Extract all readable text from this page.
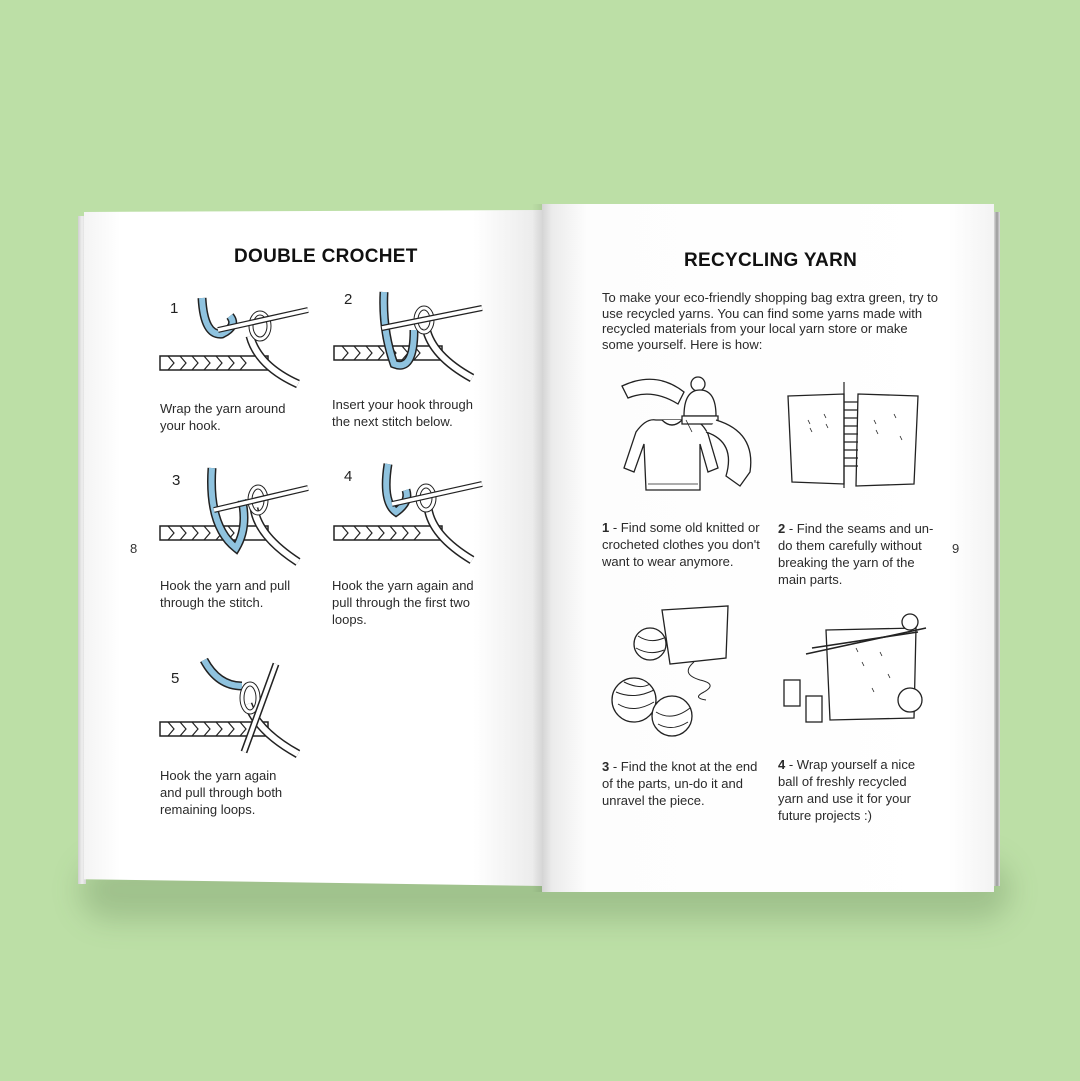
DOUBLE CROCHET	RECYCLING YARN
8	9
1
2
3	4
5
Wrap the yarn around your hook.
Insert your hook through the next stitch below.
Hook the yarn and pull through the stitch.
Hook the yarn again and pull through the first two loops.
Hook the yarn again and pull through both remaining loops.
To make your eco-friendly shopping bag extra green, try to use recycled yarns. You can find some yarns made with recycled materials from your local yarn store or make some yourself. Here is how:
1 - Find some old knitted or crocheted clothes you don't want to wear anymore.
2 - Find the seams and un-do them carefully without breaking the yarn of the main parts.
3 - Find the knot at the end of the parts, un-do it and unravel the piece.
4 - Wrap yourself a nice ball of freshly recycled yarn and use it for your future projects :)
